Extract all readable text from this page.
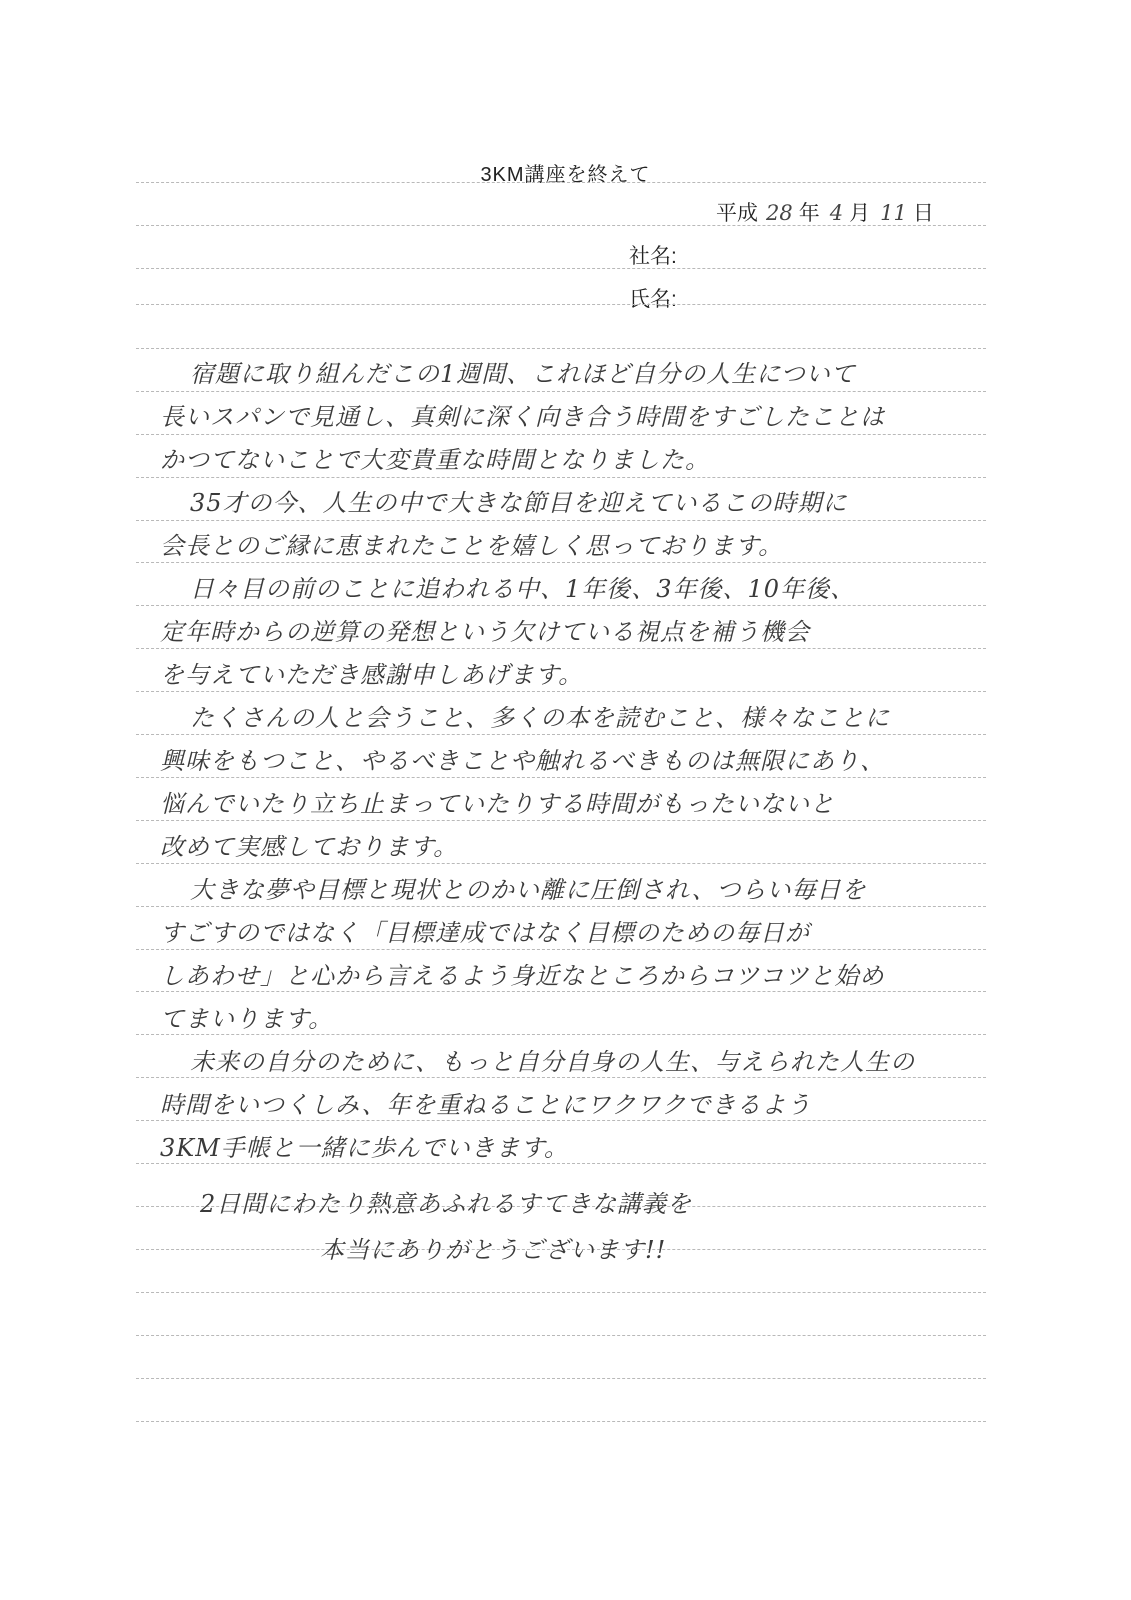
3KM講座を終えて
平成 28 年 4 月 11 日
社名:
氏名:
宿題に取り組んだこの1週間、これほど自分の人生について
長いスパンで見通し、真剣に深く向き合う時間をすごしたことは
かつてないことで大変貴重な時間となりました。
35才の今、人生の中で大きな節目を迎えているこの時期に
会長とのご縁に恵まれたことを嬉しく思っております。
日々目の前のことに追われる中、1年後、3年後、10年後、
定年時からの逆算の発想という欠けている視点を補う機会
を与えていただき感謝申しあげます。
たくさんの人と会うこと、多くの本を読むこと、様々なことに
興味をもつこと、やるべきことや触れるべきものは無限にあり、
悩んでいたり立ち止まっていたりする時間がもったいないと
改めて実感しております。
大きな夢や目標と現状とのかい離に圧倒され、つらい毎日を
すごすのではなく「目標達成ではなく目標のための毎日が
しあわせ」と心から言えるよう身近なところからコツコツと始め
てまいります。
未来の自分のために、もっと自分自身の人生、与えられた人生の
時間をいつくしみ、年を重ねることにワクワクできるよう
3KM手帳と一緒に歩んでいきます。
2日間にわたり熱意あふれるすてきな講義を
本当にありがとうございます!!
